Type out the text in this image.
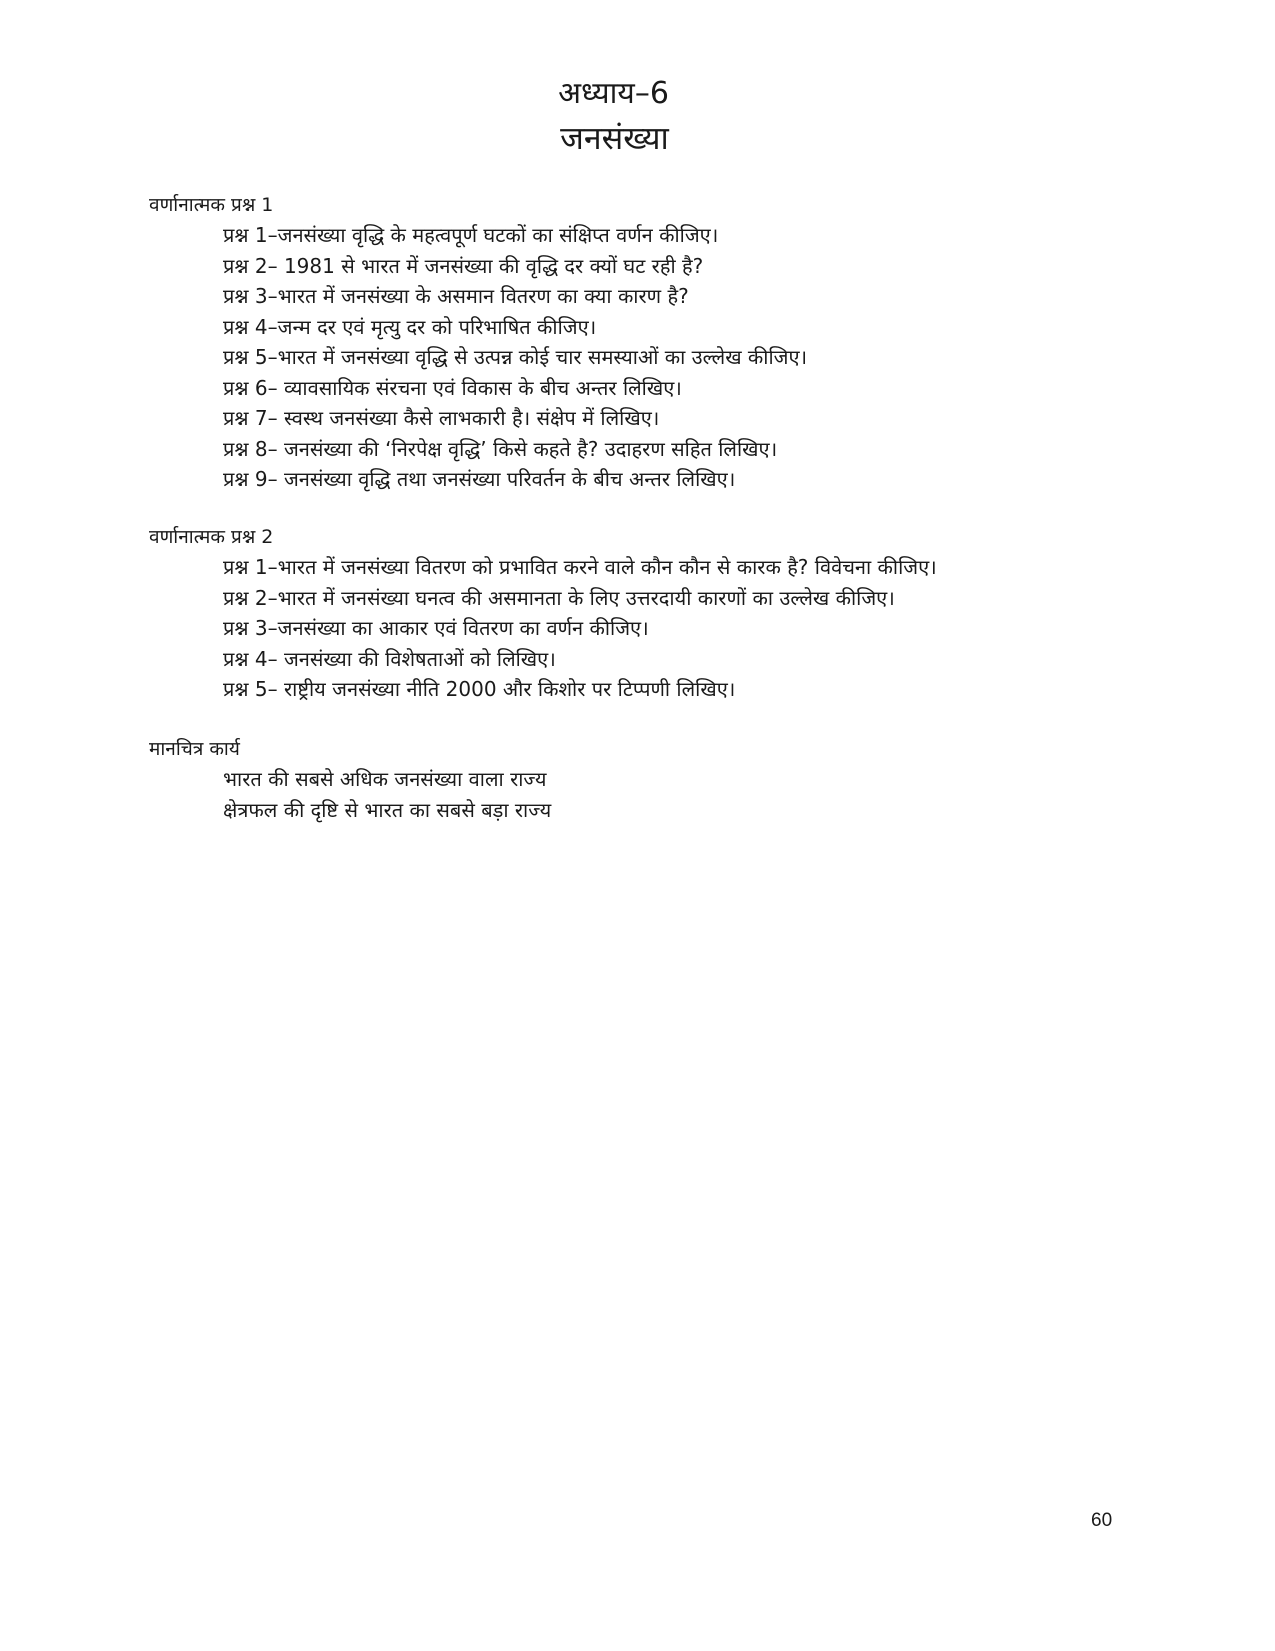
अध्याय–6
जनसंख्या

वर्णानात्मक प्रश्न 1

प्रश्न 1–जनसंख्या वृद्धि के महत्वपूर्ण घटकों का संक्षिप्त वर्णन कीजिए।
प्रश्न 2– 1981 से भारत में जनसंख्या की वृद्धि दर क्यों घट रही है?
प्रश्न 3–भारत में जनसंख्या के असमान वितरण का क्या कारण है?
प्रश्न 4–जन्म दर एवं मृत्यु दर को परिभाषित कीजिए।
प्रश्न 5–भारत में जनसंख्या वृद्धि से उत्पन्न कोई चार समस्याओं का उल्लेख कीजिए।
प्रश्न 6– व्यावसायिक संरचना एवं विकास के बीच अन्तर लिखिए।
प्रश्न 7– स्वस्थ जनसंख्या कैसे लाभकारी है। संक्षेप में लिखिए।
प्रश्न 8– जनसंख्या की ‘निरपेक्ष वृद्धि’ किसे कहते है? उदाहरण सहित लिखिए।
प्रश्न 9– जनसंख्या वृद्धि तथा जनसंख्या परिवर्तन के बीच अन्तर लिखिए।

वर्णानात्मक प्रश्न 2

प्रश्न 1–भारत में जनसंख्या वितरण को प्रभावित करने वाले कौन कौन से कारक है? विवेचना कीजिए।
प्रश्न 2–भारत में जनसंख्या घनत्व की असमानता के लिए उत्तरदायी कारणों का उल्लेख कीजिए।
प्रश्न 3–जनसंख्या का आकार एवं वितरण का वर्णन कीजिए।
प्रश्न 4– जनसंख्या की विशेषताओं को लिखिए।
प्रश्न 5– राष्ट्रीय जनसंख्या नीति 2000 और किशोर पर टिप्पणी लिखिए।

मानचित्र कार्य

भारत की सबसे अधिक जनसंख्या वाला राज्य
क्षेत्रफल की दृष्टि से भारत का सबसे बड़ा राज्य
60
